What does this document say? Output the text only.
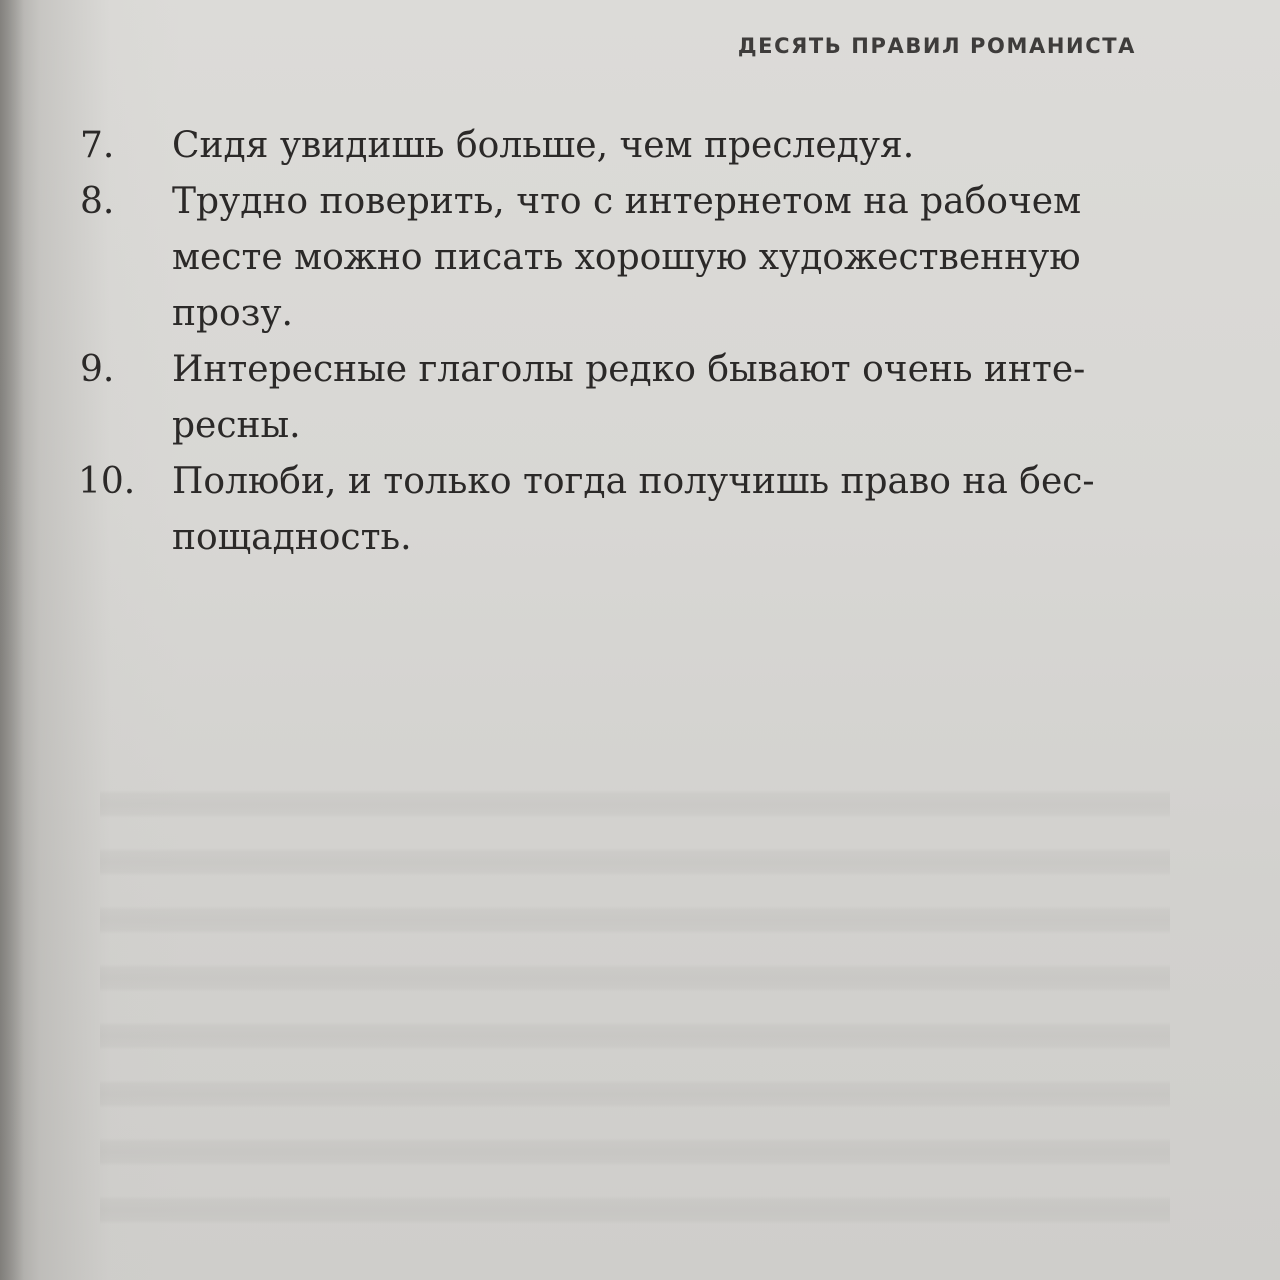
ДЕСЯТЬ ПРАВИЛ РОМАНИСТА
7.	Сидя увидишь больше, чем преследуя.
8.	Трудно поверить, что с интернетом на рабочем
месте можно писать хорошую художественную
прозу.
9.	Интересные глаголы редко бывают очень инте-
ресны.
10.	Полюби, и только тогда получишь право на бес-
пощадность.
